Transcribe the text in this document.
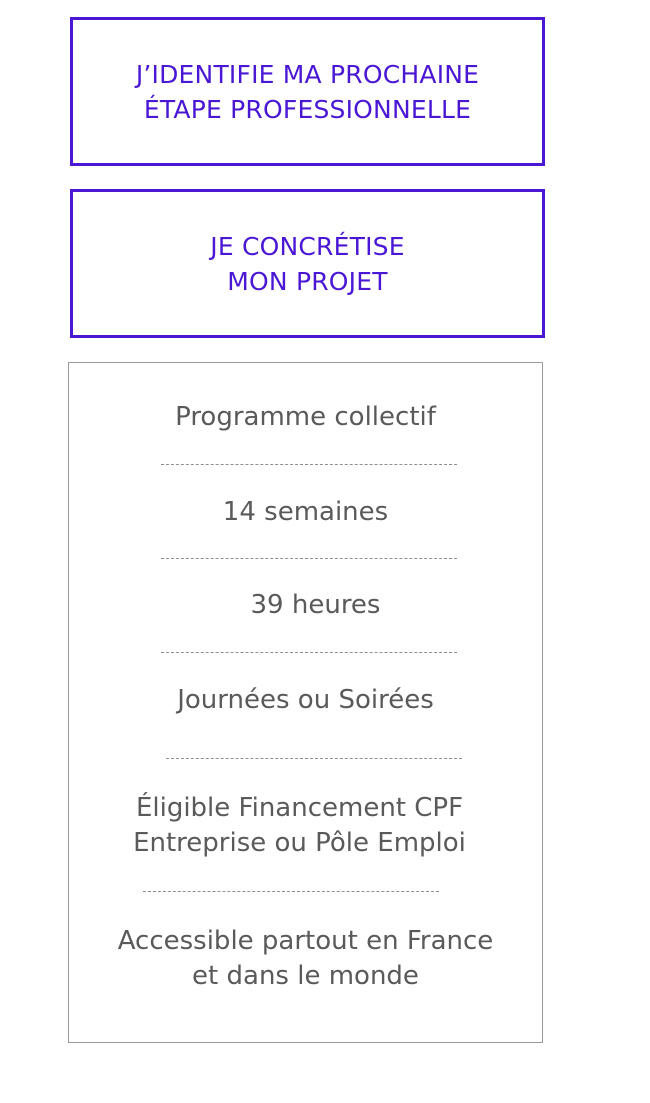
J’IDENTIFIE MA PROCHAINE
ÉTAPE PROFESSIONNELLE
JE CONCRÉTISE
MON PROJET
Programme collectif
14 semaines
39 heures
Journées ou Soirées
Éligible Financement CPF
Entreprise ou Pôle Emploi
Accessible partout en France
et dans le monde
